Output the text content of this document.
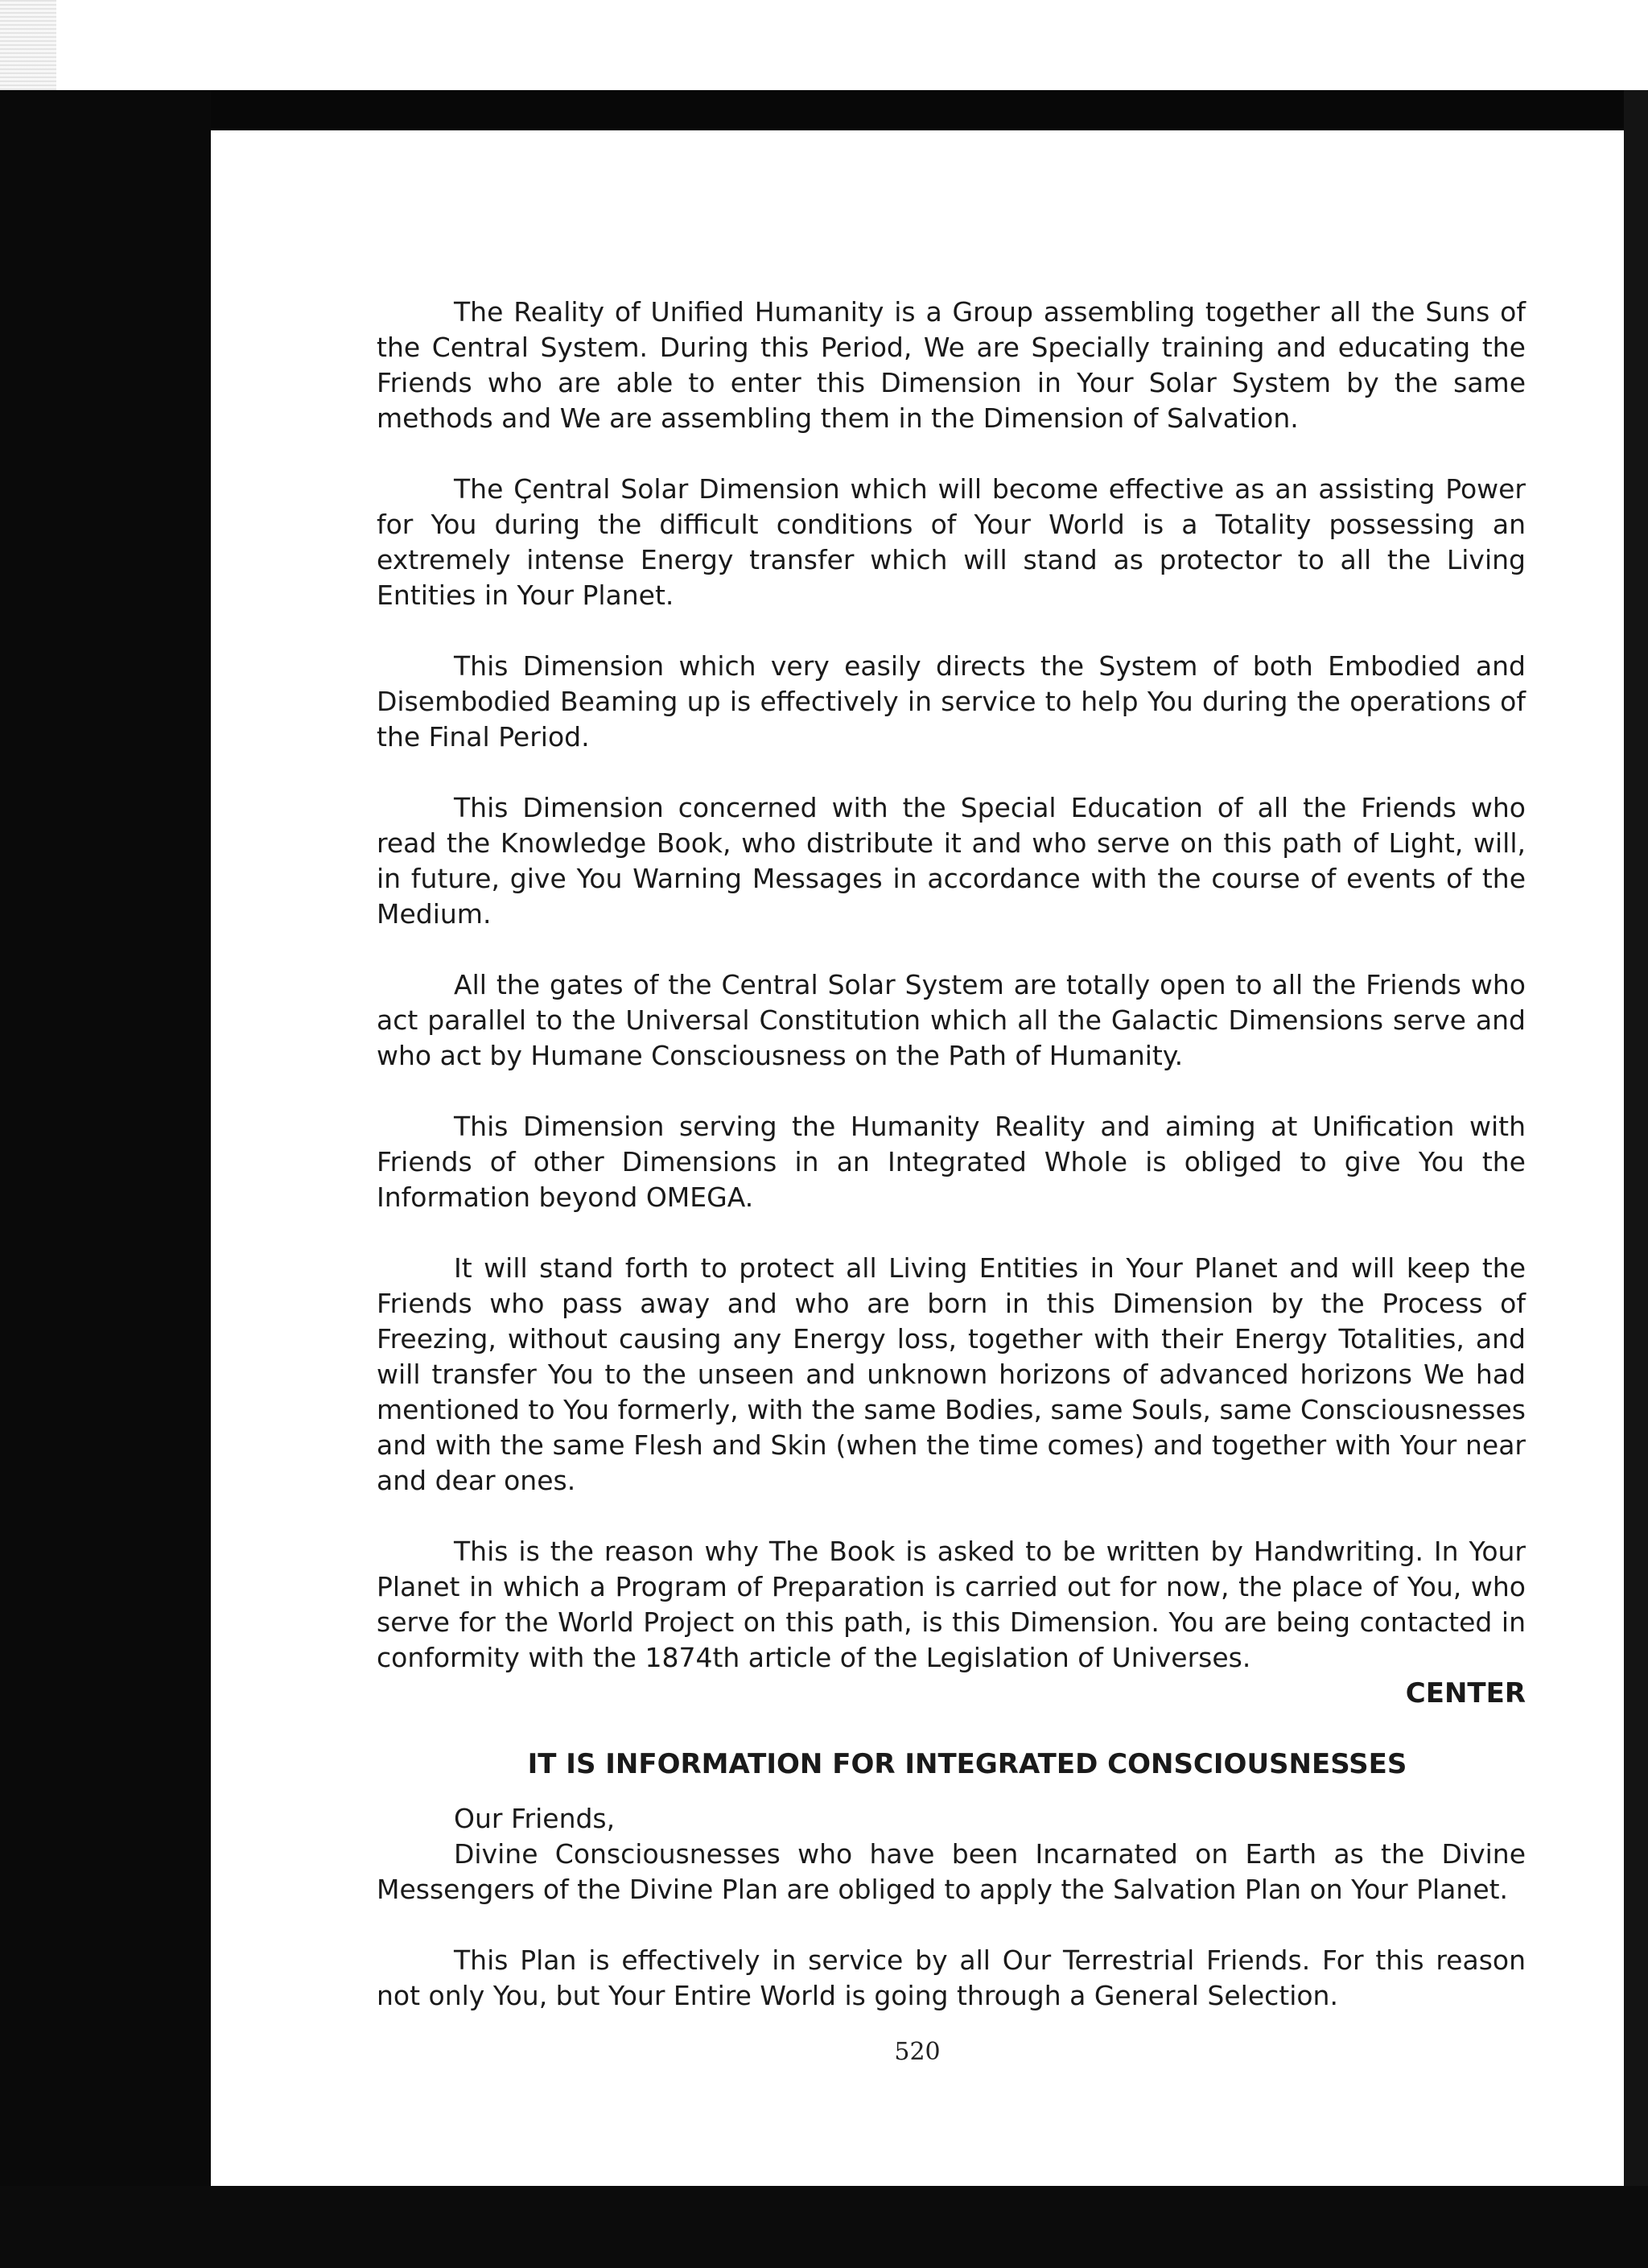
The Reality of Unified Humanity is a Group assembling together all the Suns of the Central System. During this Period, We are Specially training and educating the Friends who are able to enter this Dimension in Your Solar System by the same methods and We are assembling them in the Dimension of Salvation.

The Çentral Solar Dimension which will become effective as an assisting Power for You during the difficult conditions of Your World is a Totality possessing an extremely intense Energy transfer which will stand as protector to all the Living Entities in Your Planet.

This Dimension which very easily directs the System of both Embodied and Disembodied Beaming up is effectively in service to help You during the operations of the Final Period.

This Dimension concerned with the Special Education of all the Friends who read the Knowledge Book, who distribute it and who serve on this path of Light, will, in future, give You Warning Messages in accordance with the course of events of the Medium.

All the gates of the Central Solar System are totally open to all the Friends who act parallel to the Universal Constitution which all the Galactic Dimensions serve and who act by Humane Consciousness on the Path of Humanity.

This Dimension serving the Humanity Reality and aiming at Unification with Friends of other Dimensions in an Integrated Whole is obliged to give You the Information beyond OMEGA.

It will stand forth to protect all Living Entities in Your Planet and will keep the Friends who pass away and who are born in this Dimension by the Process of Freezing, without causing any Energy loss, together with their Energy Totalities, and will transfer You to the unseen and unknown horizons of advanced horizons We had mentioned to You formerly, with the same Bodies, same Souls, same Consciousnesses and with the same Flesh and Skin (when the time comes) and together with Your near and dear ones.

This is the reason why The Book is asked to be written by Handwriting. In Your Planet in which a Program of Preparation is carried out for now, the place of You, who serve for the World Project on this path, is this Dimension. You are being contacted in conformity with the 1874th article of the Legislation of Universes.

CENTER

IT IS INFORMATION FOR INTEGRATED CONSCIOUSNESSES

Our Friends,

Divine Consciousnesses who have been Incarnated on Earth as the Divine Messengers of the Divine Plan are obliged to apply the Salvation Plan on Your Planet.

This Plan is effectively in service by all Our Terrestrial Friends. For this reason not only You, but Your Entire World is going through a General Selection.

520
